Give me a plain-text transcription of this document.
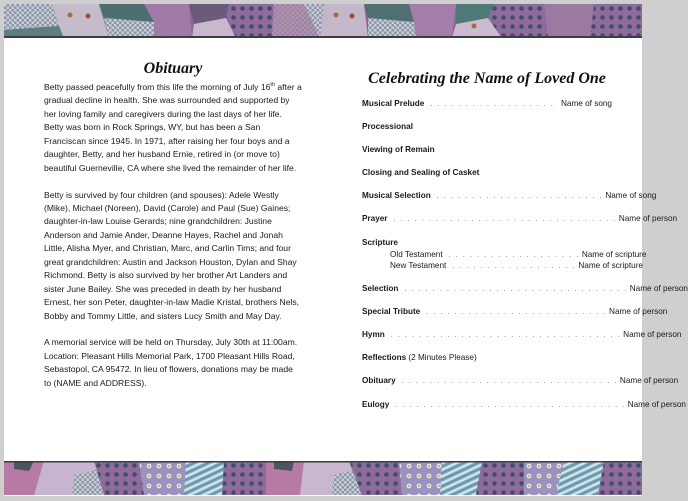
Obituary

Betty passed peacefully from this life the morning of July 16th after a gradual decline in health. She was surrounded and supported by her loving family and caregivers during the last days of her life. Betty was born in Rock Springs, WY, but has been a San Franciscan since 1945. In 1971, after raising her four boys and a daughter, Betty, and her husband Ernie, retired in (or move to) beautiful Guerneville, CA where she lived the remainder of her life.

Betty is survived by four children (and spouses): Adele Westly (Mike), Michael (Noreen), David (Carole) and Paul (Sue) Gaines; daughter-in-law Louise Gerards; nine grandchildren: Justine Anderson and Jamie Ander, Deanne Hayes, Rachel and Jonah Little, Alisha Myer, and Christian, Marc, and Carlin Tims; and four great grandchildren: Austin and Jackson Houston, Dylan and Shay Richmond. Betty is also survived by her brother Art Landers and sister June Bailey. She was preceded in death by her husband Ernest, her son Peter, daughter-in-law Madie Kristal, brothers Nels, Bobby and Tommy Little, and sisters Lucy Smith and May Day.

A memorial service will be held on Thursday, July 30th at 11:00am. Location: Pleasant Hills Memorial Park, 1700 Pleasant Hills Road, Sebastopol, CA 95472. In lieu of flowers, donations may be made to (NAME and ADDRESS).

Celebrating the Name of Loved One
Musical Prelude . . . . . . . . . . . . . . . . . . Name of song
Processional
Viewing of Remain
Closing and Sealing of Casket
Musical Selection . . . . . . . . . . . . . . . . . . . . . . . . Name of song
Prayer . . . . . . . . . . . . . . . . . . . . . . . . . . . . . . . . Name of person
Scripture
Old Testament . . . . . . . . . . . . . . . . . . . Name of scripture
New Testament . . . . . . . . . . . . . . . . . . Name of scripture
Selection . . . . . . . . . . . . . . . . . . . . . . . . . . . . . . . . Name of person
Special Tribute . . . . . . . . . . . . . . . . . . . . . . . . . . Name of person
Hymn . . . . . . . . . . . . . . . . . . . . . . . . . . . . . . . . . Name of person
Reflections (2 Minutes Please)
Obituary . . . . . . . . . . . . . . . . . . . . . . . . . . . . . . . Name of person
Eulogy . . . . . . . . . . . . . . . . . . . . . . . . . . . . . . . . . Name of person
